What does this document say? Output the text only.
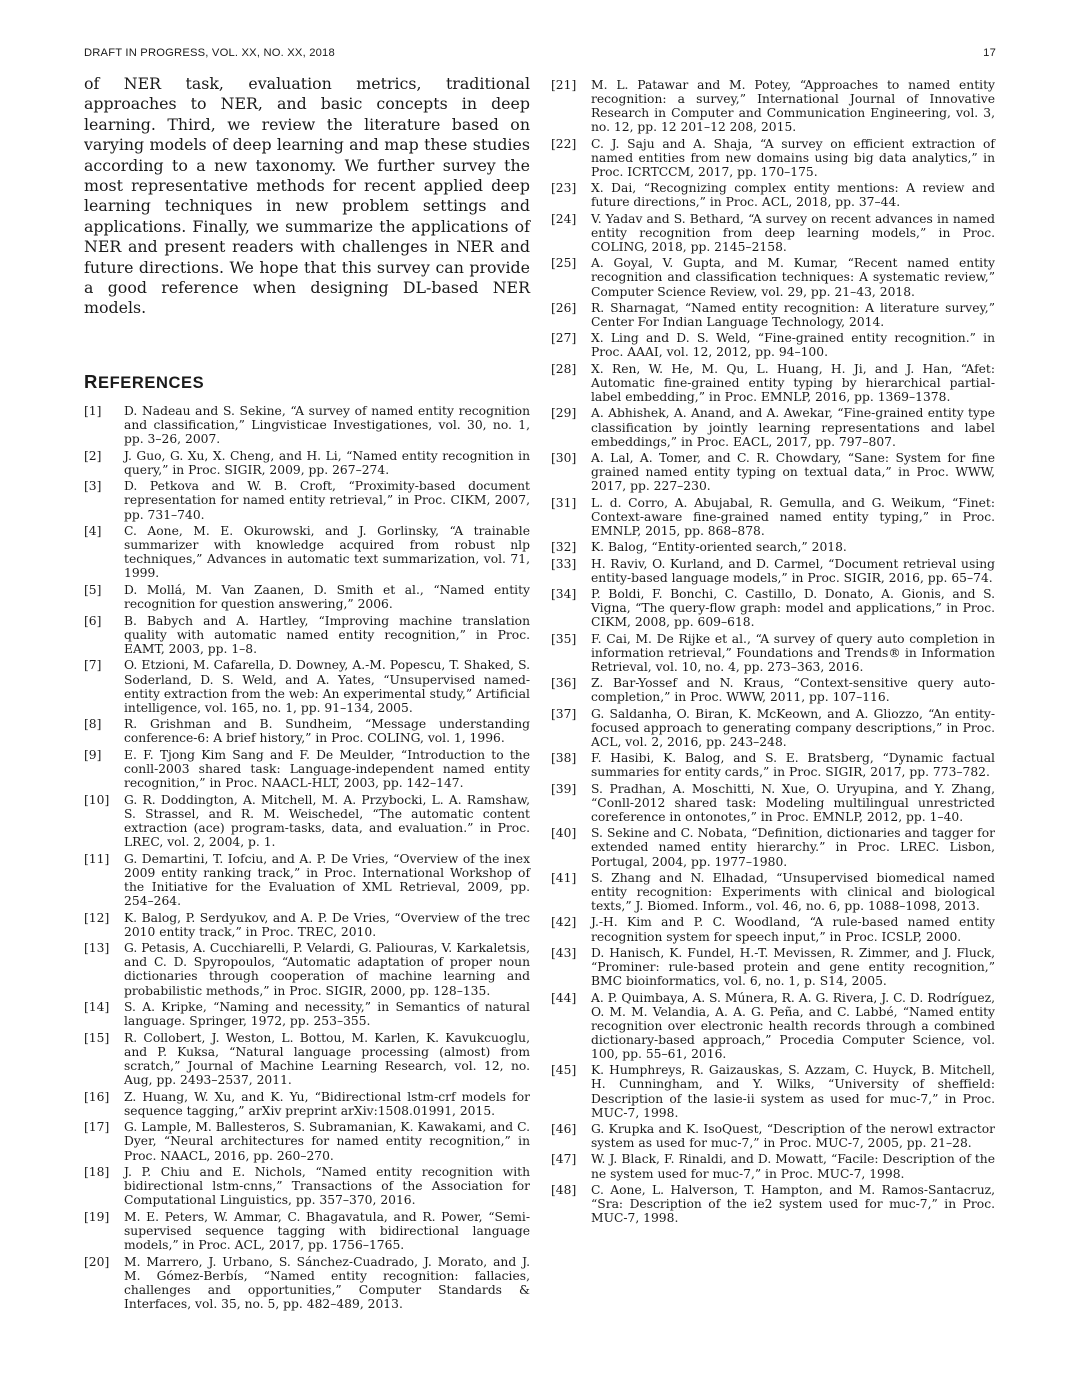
DRAFT IN PROGRESS, VOL. XX, NO. XX, 2018	17

of NER task, evaluation metrics, traditional approaches to NER, and basic concepts in deep learning. Third, we review the literature based on varying models of deep learning and map these studies according to a new taxonomy. We further survey the most representative methods for recent applied deep learning techniques in new problem settings and applications. Finally, we summarize the applications of NER and present readers with challenges in NER and future directions. We hope that this survey can provide a good reference when designing DL-based NER models.

REFERENCES
[1]	D. Nadeau and S. Sekine, “A survey of named entity recognition and classification,” Lingvisticae Investigationes, vol. 30, no. 1, pp. 3–26, 2007.
[2]	J. Guo, G. Xu, X. Cheng, and H. Li, “Named entity recognition in query,” in Proc. SIGIR, 2009, pp. 267–274.
[3]	D. Petkova and W. B. Croft, “Proximity-based document representation for named entity retrieval,” in Proc. CIKM, 2007, pp. 731–740.
[4]	C. Aone, M. E. Okurowski, and J. Gorlinsky, “A trainable summarizer with knowledge acquired from robust nlp techniques,” Advances in automatic text summarization, vol. 71, 1999.
[5]	D. Mollá, M. Van Zaanen, D. Smith et al., “Named entity recognition for question answering,” 2006.
[6]	B. Babych and A. Hartley, “Improving machine translation quality with automatic named entity recognition,” in Proc. EAMT, 2003, pp. 1–8.
[7]	O. Etzioni, M. Cafarella, D. Downey, A.-M. Popescu, T. Shaked, S. Soderland, D. S. Weld, and A. Yates, “Unsupervised named-entity extraction from the web: An experimental study,” Artificial intelligence, vol. 165, no. 1, pp. 91–134, 2005.
[8]	R. Grishman and B. Sundheim, “Message understanding conference-6: A brief history,” in Proc. COLING, vol. 1, 1996.
[9]	E. F. Tjong Kim Sang and F. De Meulder, “Introduction to the conll-2003 shared task: Language-independent named entity recognition,” in Proc. NAACL-HLT, 2003, pp. 142–147.
[10]	G. R. Doddington, A. Mitchell, M. A. Przybocki, L. A. Ramshaw, S. Strassel, and R. M. Weischedel, “The automatic content extraction (ace) program-tasks, data, and evaluation.” in Proc. LREC, vol. 2, 2004, p. 1.
[11]	G. Demartini, T. Iofciu, and A. P. De Vries, “Overview of the inex 2009 entity ranking track,” in Proc. International Workshop of the Initiative for the Evaluation of XML Retrieval, 2009, pp. 254–264.
[12]	K. Balog, P. Serdyukov, and A. P. De Vries, “Overview of the trec 2010 entity track,” in Proc. TREC, 2010.
[13]	G. Petasis, A. Cucchiarelli, P. Velardi, G. Paliouras, V. Karkaletsis, and C. D. Spyropoulos, “Automatic adaptation of proper noun dictionaries through cooperation of machine learning and probabilistic methods,” in Proc. SIGIR, 2000, pp. 128–135.
[14]	S. A. Kripke, “Naming and necessity,” in Semantics of natural language. Springer, 1972, pp. 253–355.
[15]	R. Collobert, J. Weston, L. Bottou, M. Karlen, K. Kavukcuoglu, and P. Kuksa, “Natural language processing (almost) from scratch,” Journal of Machine Learning Research, vol. 12, no. Aug, pp. 2493–2537, 2011.
[16]	Z. Huang, W. Xu, and K. Yu, “Bidirectional lstm-crf models for sequence tagging,” arXiv preprint arXiv:1508.01991, 2015.
[17]	G. Lample, M. Ballesteros, S. Subramanian, K. Kawakami, and C. Dyer, “Neural architectures for named entity recognition,” in Proc. NAACL, 2016, pp. 260–270.
[18]	J. P. Chiu and E. Nichols, “Named entity recognition with bidirectional lstm-cnns,” Transactions of the Association for Computational Linguistics, pp. 357–370, 2016.
[19]	M. E. Peters, W. Ammar, C. Bhagavatula, and R. Power, “Semi-supervised sequence tagging with bidirectional language models,” in Proc. ACL, 2017, pp. 1756–1765.
[20]	M. Marrero, J. Urbano, S. Sánchez-Cuadrado, J. Morato, and J. M. Gómez-Berbís, “Named entity recognition: fallacies, challenges and opportunities,” Computer Standards & Interfaces, vol. 35, no. 5, pp. 482–489, 2013.
[21]	M. L. Patawar and M. Potey, “Approaches to named entity recognition: a survey,” International Journal of Innovative Research in Computer and Communication Engineering, vol. 3, no. 12, pp. 12 201–12 208, 2015.
[22]	C. J. Saju and A. Shaja, “A survey on efficient extraction of named entities from new domains using big data analytics,” in Proc. ICRTCCM, 2017, pp. 170–175.
[23]	X. Dai, “Recognizing complex entity mentions: A review and future directions,” in Proc. ACL, 2018, pp. 37–44.
[24]	V. Yadav and S. Bethard, “A survey on recent advances in named entity recognition from deep learning models,” in Proc. COLING, 2018, pp. 2145–2158.
[25]	A. Goyal, V. Gupta, and M. Kumar, “Recent named entity recognition and classification techniques: A systematic review,” Computer Science Review, vol. 29, pp. 21–43, 2018.
[26]	R. Sharnagat, “Named entity recognition: A literature survey,” Center For Indian Language Technology, 2014.
[27]	X. Ling and D. S. Weld, “Fine-grained entity recognition.” in Proc. AAAI, vol. 12, 2012, pp. 94–100.
[28]	X. Ren, W. He, M. Qu, L. Huang, H. Ji, and J. Han, “Afet: Automatic fine-grained entity typing by hierarchical partial-label embedding,” in Proc. EMNLP, 2016, pp. 1369–1378.
[29]	A. Abhishek, A. Anand, and A. Awekar, “Fine-grained entity type classification by jointly learning representations and label embeddings,” in Proc. EACL, 2017, pp. 797–807.
[30]	A. Lal, A. Tomer, and C. R. Chowdary, “Sane: System for fine grained named entity typing on textual data,” in Proc. WWW, 2017, pp. 227–230.
[31]	L. d. Corro, A. Abujabal, R. Gemulla, and G. Weikum, “Finet: Context-aware fine-grained named entity typing,” in Proc. EMNLP, 2015, pp. 868–878.
[32]	K. Balog, “Entity-oriented search,” 2018.
[33]	H. Raviv, O. Kurland, and D. Carmel, “Document retrieval using entity-based language models,” in Proc. SIGIR, 2016, pp. 65–74.
[34]	P. Boldi, F. Bonchi, C. Castillo, D. Donato, A. Gionis, and S. Vigna, “The query-flow graph: model and applications,” in Proc. CIKM, 2008, pp. 609–618.
[35]	F. Cai, M. De Rijke et al., “A survey of query auto completion in information retrieval,” Foundations and Trends® in Information Retrieval, vol. 10, no. 4, pp. 273–363, 2016.
[36]	Z. Bar-Yossef and N. Kraus, “Context-sensitive query auto-completion,” in Proc. WWW, 2011, pp. 107–116.
[37]	G. Saldanha, O. Biran, K. McKeown, and A. Gliozzo, “An entity-focused approach to generating company descriptions,” in Proc. ACL, vol. 2, 2016, pp. 243–248.
[38]	F. Hasibi, K. Balog, and S. E. Bratsberg, “Dynamic factual summaries for entity cards,” in Proc. SIGIR, 2017, pp. 773–782.
[39]	S. Pradhan, A. Moschitti, N. Xue, O. Uryupina, and Y. Zhang, “Conll-2012 shared task: Modeling multilingual unrestricted coreference in ontonotes,” in Proc. EMNLP, 2012, pp. 1–40.
[40]	S. Sekine and C. Nobata, “Definition, dictionaries and tagger for extended named entity hierarchy.” in Proc. LREC. Lisbon, Portugal, 2004, pp. 1977–1980.
[41]	S. Zhang and N. Elhadad, “Unsupervised biomedical named entity recognition: Experiments with clinical and biological texts,” J. Biomed. Inform., vol. 46, no. 6, pp. 1088–1098, 2013.
[42]	J.-H. Kim and P. C. Woodland, “A rule-based named entity recognition system for speech input,” in Proc. ICSLP, 2000.
[43]	D. Hanisch, K. Fundel, H.-T. Mevissen, R. Zimmer, and J. Fluck, “Prominer: rule-based protein and gene entity recognition,” BMC bioinformatics, vol. 6, no. 1, p. S14, 2005.
[44]	A. P. Quimbaya, A. S. Múnera, R. A. G. Rivera, J. C. D. Rodríguez, O. M. M. Velandia, A. A. G. Peña, and C. Labbé, “Named entity recognition over electronic health records through a combined dictionary-based approach,” Procedia Computer Science, vol. 100, pp. 55–61, 2016.
[45]	K. Humphreys, R. Gaizauskas, S. Azzam, C. Huyck, B. Mitchell, H. Cunningham, and Y. Wilks, “University of sheffield: Description of the lasie-ii system as used for muc-7,” in Proc. MUC-7, 1998.
[46]	G. Krupka and K. IsoQuest, “Description of the nerowl extractor system as used for muc-7,” in Proc. MUC-7, 2005, pp. 21–28.
[47]	W. J. Black, F. Rinaldi, and D. Mowatt, “Facile: Description of the ne system used for muc-7,” in Proc. MUC-7, 1998.
[48]	C. Aone, L. Halverson, T. Hampton, and M. Ramos-Santacruz, “Sra: Description of the ie2 system used for muc-7,” in Proc. MUC-7, 1998.
